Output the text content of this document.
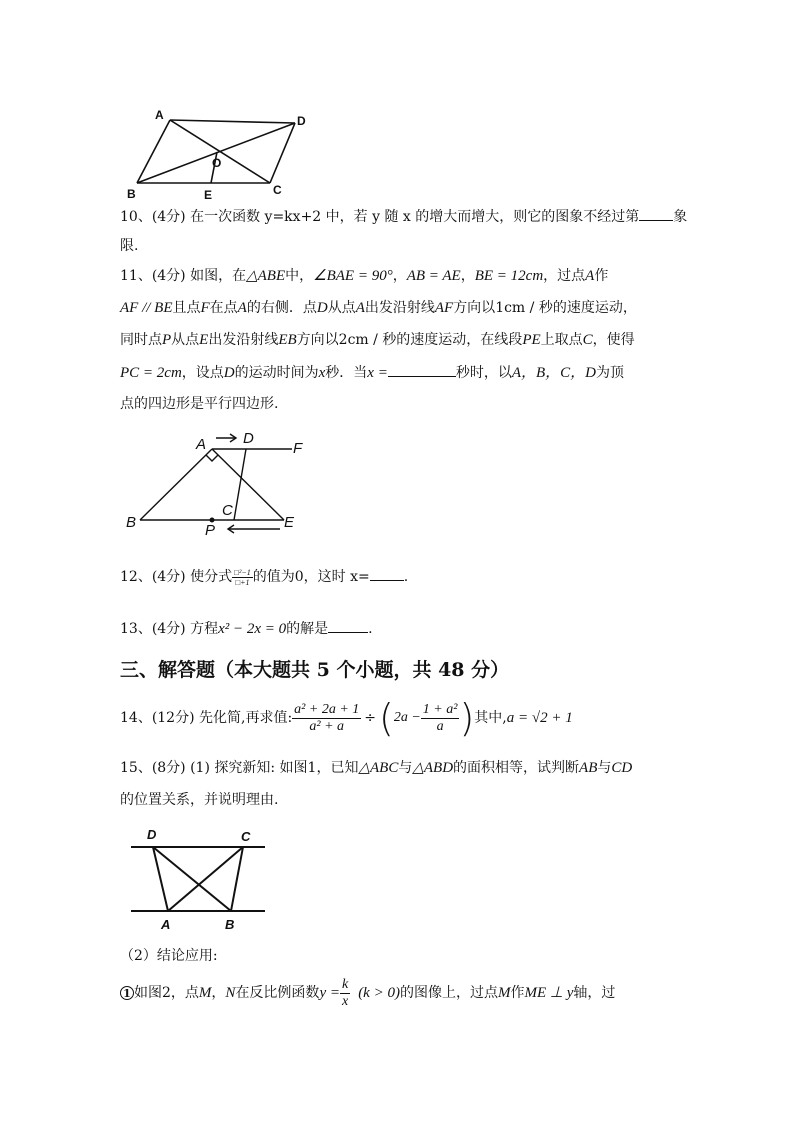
A	D
O
B	E	C
10、(4分) 在一次函数 y=kx+2 中，若 y 随 x 的增大而增大，则它的图象不经过第 象
限.
11、(4分) 如图，在△ABE中，∠BAE = 90°，AB = AE，BE = 12cm，过点A作
AF // BE且点F在点A的右侧．点D从点A出发沿射线AF方向以1cm / 秒的速度运动，
同时点P从点E出发沿射线EB方向以2cm / 秒的速度运动，在线段PE上取点C，使得
PC = 2cm，设点D的运动时间为x秒．当x =	秒时，以A，B，C，D为顶
点的四边形是平行四边形.
A D
F
B	P
C
E
12、(4分) 使分式 $\frac{\text{□²−1}}{□+1}$ 的值为0，这时 x= .
13、(4分) 方程x² − 2x = 0的解是	.
三、解答题（本大题共 5 个小题，共 48 分）
14、(12分) 先化简,再求值: $\frac{\text{a² + 2a + 1}}{\text{a² + a}}$ ÷ ( $2a - \frac{\text{1 + a²}}{a}$ ) 其中, a = √2 + 1
15、(8分) (1) 探究新知: 如图1，已知△ABC与△ABD的面积相等，试判断AB与CD
的位置关系，并说明理由.
D	C
A	B
（2）结论应用:
1 如图2，点 M ， N 在反比例函数 $y = \frac{k}{x} (k > 0)$ 的图像上，过点 M 作 ME ⊥ y 轴，过
